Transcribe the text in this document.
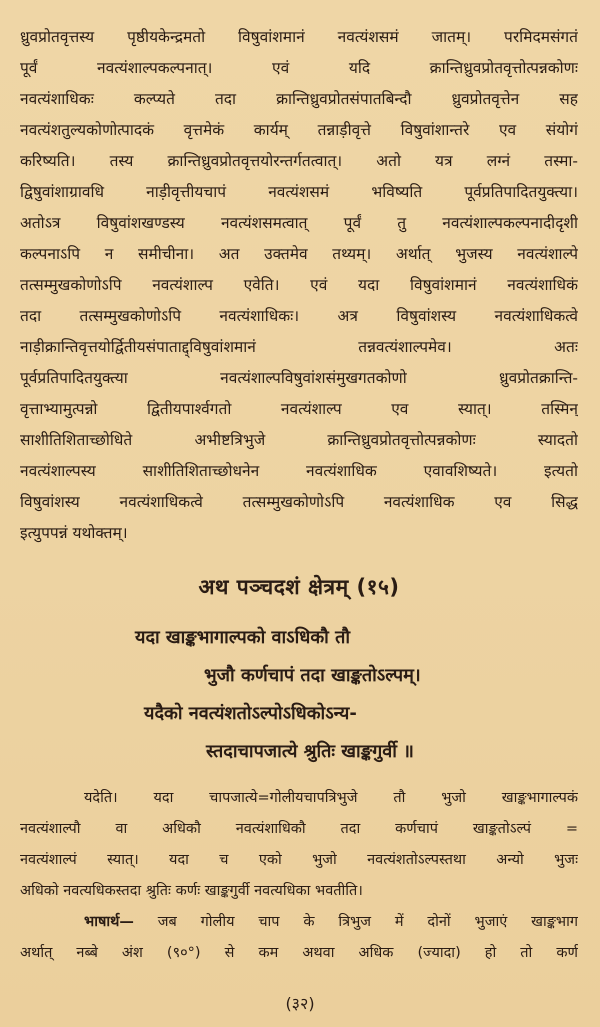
ध्रुवप्रोतवृत्तस्य पृष्ठीयकेन्द्रमतो विषुवांशमानं नवत्यंशसमं जातम्। परमिदमसंगतं
पूर्वं नवत्यंशाल्पकल्पनात्। एवं यदि क्रान्तिध्रुवप्रोतवृत्तोत्पन्नकोणः
नवत्यंशाधिकः कल्प्यते तदा क्रान्तिध्रुवप्रोतसंपातबिन्दौ ध्रुवप्रोतवृत्तेन सह
नवत्यंशतुल्यकोणोत्पादकं वृत्तमेकं कार्यम् तन्नाड़ीवृत्ते विषुवांशान्तरे एव संयोगं
करिष्यति। तस्य क्रान्तिध्रुवप्रोतवृत्तयोरन्तर्गतत्वात्। अतो यत्र लग्नं तस्मा-
द्विषुवांशाग्रावधि नाड़ीवृत्तीयचापं नवत्यंशसमं भविष्यति पूर्वप्रतिपादितयुक्त्या।
अतोऽत्र विषुवांशखण्डस्य नवत्यंशसमत्वात् पूर्वं तु नवत्यंशाल्पकल्पनादीदृशी
कल्पनाऽपि न समीचीना। अत उक्तमेव तथ्यम्। अर्थात् भुजस्य नवत्यंशाल्पे
तत्सम्मुखकोणोऽपि नवत्यंशाल्प एवेति। एवं यदा विषुवांशमानं नवत्यंशाधिकं
तदा तत्सम्मुखकोणोऽपि नवत्यंशाधिकः। अत्र विषुवांशस्य नवत्यंशाधिकत्वे
नाड़ीक्रान्तिवृत्तयोर्द्वितीयसंपाताद्द्विषुवांशमानं तन्नवत्यंशाल्पमेव। अतः
पूर्वप्रतिपादितयुक्त्या नवत्यंशाल्पविषुवांशसंमुखगतकोणो ध्रुवप्रोतक्रान्ति-
वृत्ताभ्यामुत्पन्नो द्वितीयपार्श्वगतो नवत्यंशाल्प एव स्यात्। तस्मिन्
साशीतिशिताच्छोधिते अभीष्टत्रिभुजे क्रान्तिध्रुवप्रोतवृत्तोत्पन्नकोणः स्यादतो
नवत्यंशाल्पस्य साशीतिशिताच्छोधनेन नवत्यंशाधिक एवावशिष्यते। इत्यतो
विषुवांशस्य नवत्यंशाधिकत्वे तत्सम्मुखकोणोऽपि नवत्यंशाधिक एव सिद्ध
इत्युपपन्नं यथोक्तम्।
अथ पञ्चदशं क्षेत्रम् (१५)
यदा खाङ्कभागाल्पको वाऽधिकौ तौ
भुजौ कर्णचापं तदा खाङ्कतोऽल्पम्।
यदैको नवत्यंशतोऽल्पोऽधिकोऽन्य-
स्तदाचापजात्ये श्रुतिः खाङ्कगुर्वी ॥
यदेति। यदा चापजात्ये=गोलीयचापत्रिभुजे तौ भुजो खाङ्कभागाल्पकं
नवत्यंशाल्पौ वा अधिकौ नवत्यंशाधिकौ तदा कर्णचापं खाङ्कतोऽल्पं =
नवत्यंशाल्पं स्यात्। यदा च एको भुजो नवत्यंशतोऽल्पस्तथा अन्यो भुजः
अधिको नवत्यधिकस्तदा श्रुतिः कर्णः खाङ्कगुर्वी नवत्यधिका भवतीति।
भाषार्थ— जब गोलीय चाप के त्रिभुज में दोनों भुजाएं खाङ्कभाग
अर्थात् नब्बे अंश (९०°) से कम अथवा अधिक (ज्यादा) हो तो कर्ण
(३२)
